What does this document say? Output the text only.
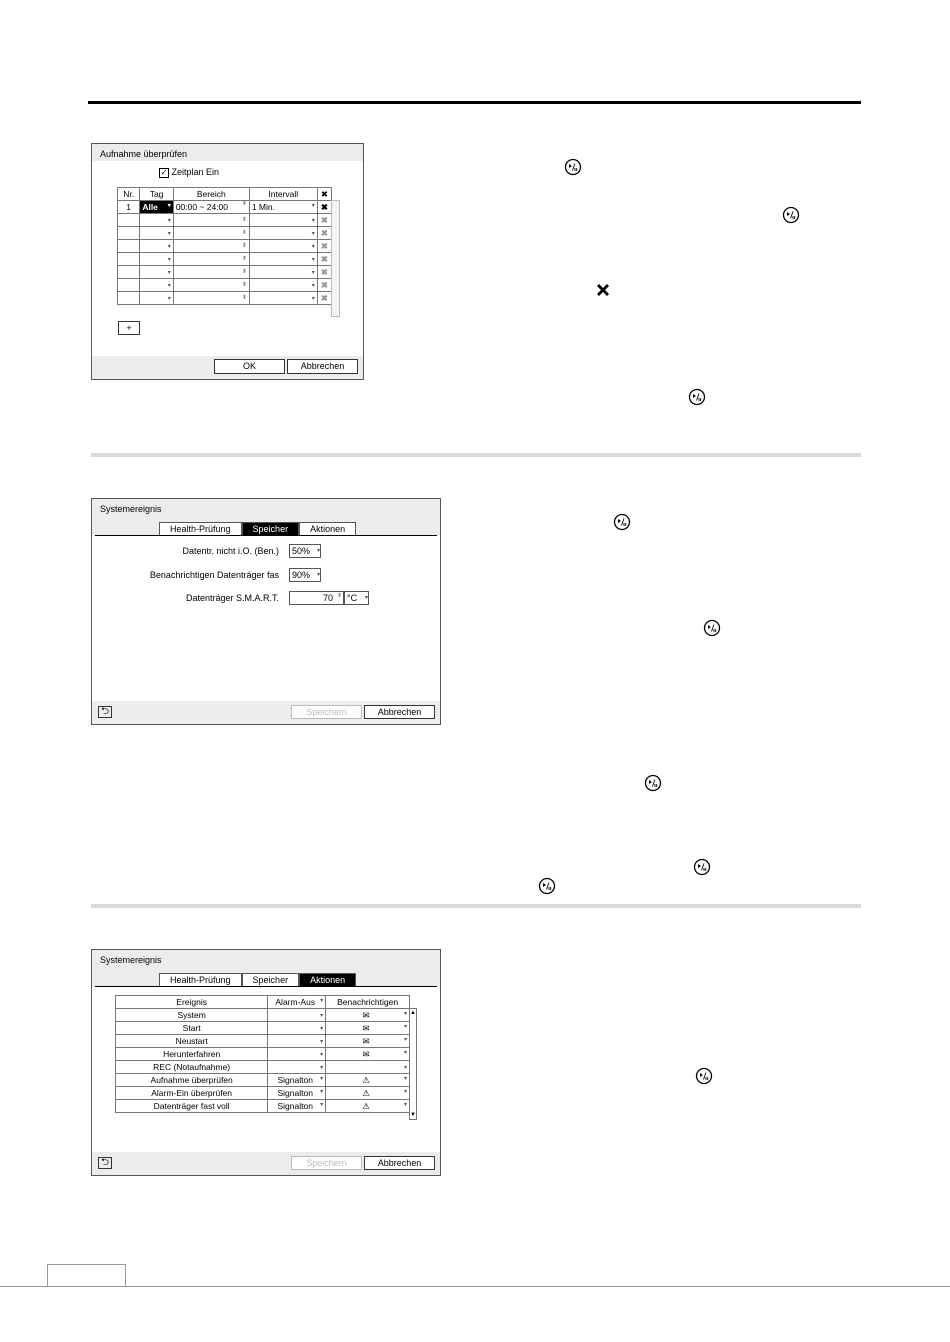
Aufnahme überprüfen
✓ Zeitplan Ein
Nr.	Tag	Bereich	Intervall	✖
1	Alle ▾	00:00 ~ 24:00 ⬍	1 Min. ▾	✖

	▾	⬍	▾	✖

	▾	⬍	▾	✖

	▾	⬍	▾	✖

	▾	⬍	▾	✖

	▾	⬍	▾	✖

	▾	⬍	▾	✖

	▾	⬍	▾	✖
+
OK	Abbrechen
Systemereignis
Health-Prüfung	Speicher	Aktionen
Datentr. nicht i.O. (Ben.)	50% ▾
Benachrichtigen Datenträger fas	90% ▾
Datenträger S.M.A.R.T.	70 ⬍ °C ▾
⮌	Speichern	Abbrechen
Systemereignis
Health-Prüfung	Speicher	Aktionen
Ereignis	Alarm-Aus ▾	Benachrichtigen
System	▾	✉ ▾

Start	▾	✉ ▾

Neustart	▾	✉ ▾

Herunterfahren	▾	✉ ▾

REC (Notaufnahme)	▾	▾

Aufnahme überprüfen	Signalton ▾	⚠ ▾

Alarm-Ein überprüfen	Signalton ▾	⚠ ▾

Datenträger fast voll	Signalton ▾	⚠ ▾
▲
▼
⮌	Speichern	Abbrechen
